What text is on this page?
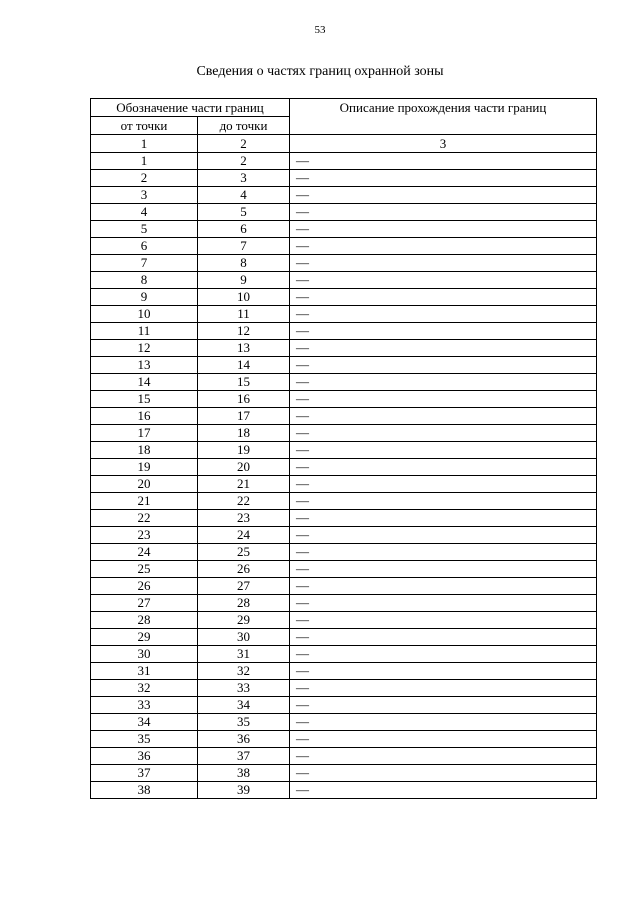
53
Сведения о частях границ охранной зоны
Обозначение части границ		Описание прохождения части границ
от точки	до точки	
1	2	3
1	2	—
2	3	—
3	4	—
4	5	—
5	6	—
6	7	—
7	8	—
8	9	—
9	10	—
10	11	—
11	12	—
12	13	—
13	14	—
14	15	—
15	16	—
16	17	—
17	18	—
18	19	—
19	20	—
20	21	—
21	22	—
22	23	—
23	24	—
24	25	—
25	26	—
26	27	—
27	28	—
28	29	—
29	30	—
30	31	—
31	32	—
32	33	—
33	34	—
34	35	—
35	36	—
36	37	—
37	38	—
38	39	—
